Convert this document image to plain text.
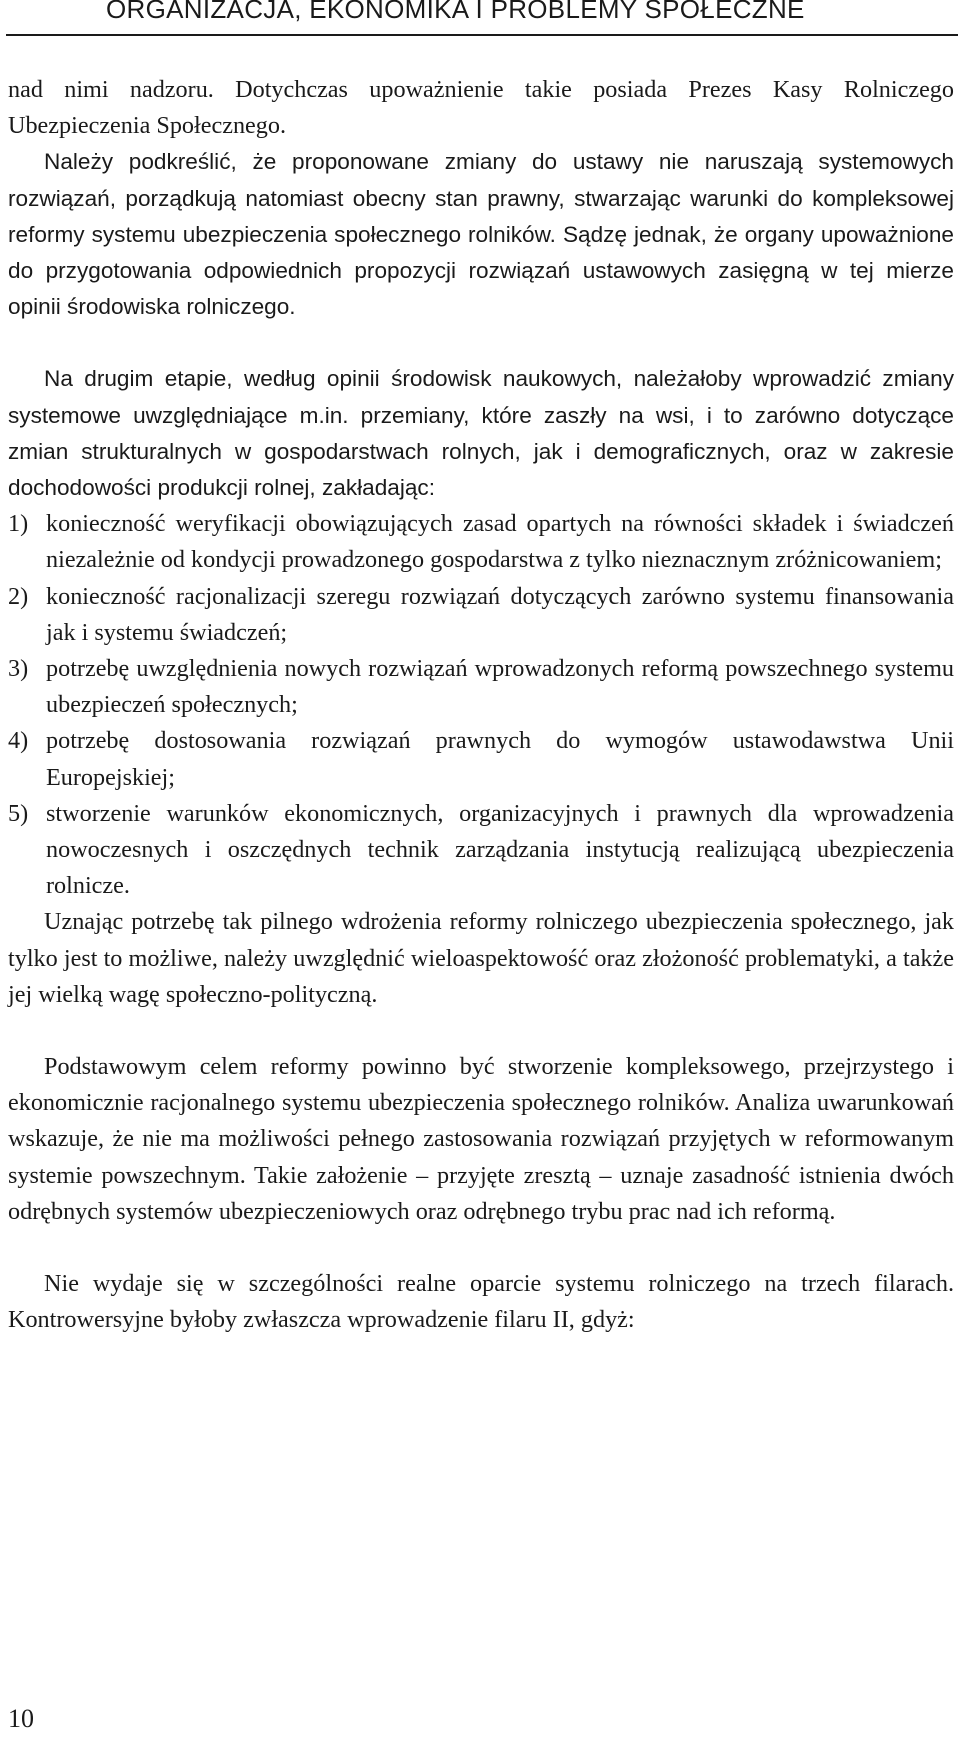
ORGANIZACJA, EKONOMIKA I PROBLEMY SPOŁECZNE

nad nimi nadzoru. Dotychczas upoważnienie takie posiada Prezes Kasy Rolniczego Ubezpieczenia Społecznego.

Należy podkreślić, że proponowane zmiany do ustawy nie naruszają systemowych rozwiązań, porządkują natomiast obecny stan prawny, stwarzając warunki do kompleksowej reformy systemu ubezpieczenia społecznego rolników. Sądzę jednak, że organy upoważnione do przygotowania odpowiednich propozycji rozwiązań ustawowych zasięgną w tej mierze opinii środowiska rolniczego.

Na drugim etapie, według opinii środowisk naukowych, należałoby wprowadzić zmiany systemowe uwzględniające m.in. przemiany, które zaszły na wsi, i to zarówno dotyczące zmian strukturalnych w gospodarstwach rolnych, jak i demograficznych, oraz w zakresie dochodowości produkcji rolnej, zakładając:

1) konieczność weryfikacji obowiązujących zasad opartych na równości składek i świadczeń niezależnie od kondycji prowadzonego gospodarstwa z tylko nieznacznym zróżnicowaniem;
2) konieczność racjonalizacji szeregu rozwiązań dotyczących zarówno systemu finansowania jak i systemu świadczeń;
3) potrzebę uwzględnienia nowych rozwiązań wprowadzonych reformą powszechnego systemu ubezpieczeń społecznych;
4) potrzebę dostosowania rozwiązań prawnych do wymogów ustawodawstwa Unii Europejskiej;
5) stworzenie warunków ekonomicznych, organizacyjnych i prawnych dla wprowadzenia nowoczesnych i oszczędnych technik zarządzania instytucją realizującą ubezpieczenia rolnicze.

Uznając potrzebę tak pilnego wdrożenia reformy rolniczego ubezpieczenia społecznego, jak tylko jest to możliwe, należy uwzględnić wieloaspektowość oraz złożoność problematyki, a także jej wielką wagę społeczno-polityczną.

Podstawowym celem reformy powinno być stworzenie kompleksowego, przejrzystego i ekonomicznie racjonalnego systemu ubezpieczenia społecznego rolników. Analiza uwarunkowań wskazuje, że nie ma możliwości pełnego zastosowania rozwiązań przyjętych w reformowanym systemie powszechnym. Takie założenie – przyjęte zresztą – uznaje zasadność istnienia dwóch odrębnych systemów ubezpieczeniowych oraz odrębnego trybu prac nad ich reformą.

Nie wydaje się w szczególności realne oparcie systemu rolniczego na trzech filarach. Kontrowersyjne byłoby zwłaszcza wprowadzenie filaru II, gdyż:

10
